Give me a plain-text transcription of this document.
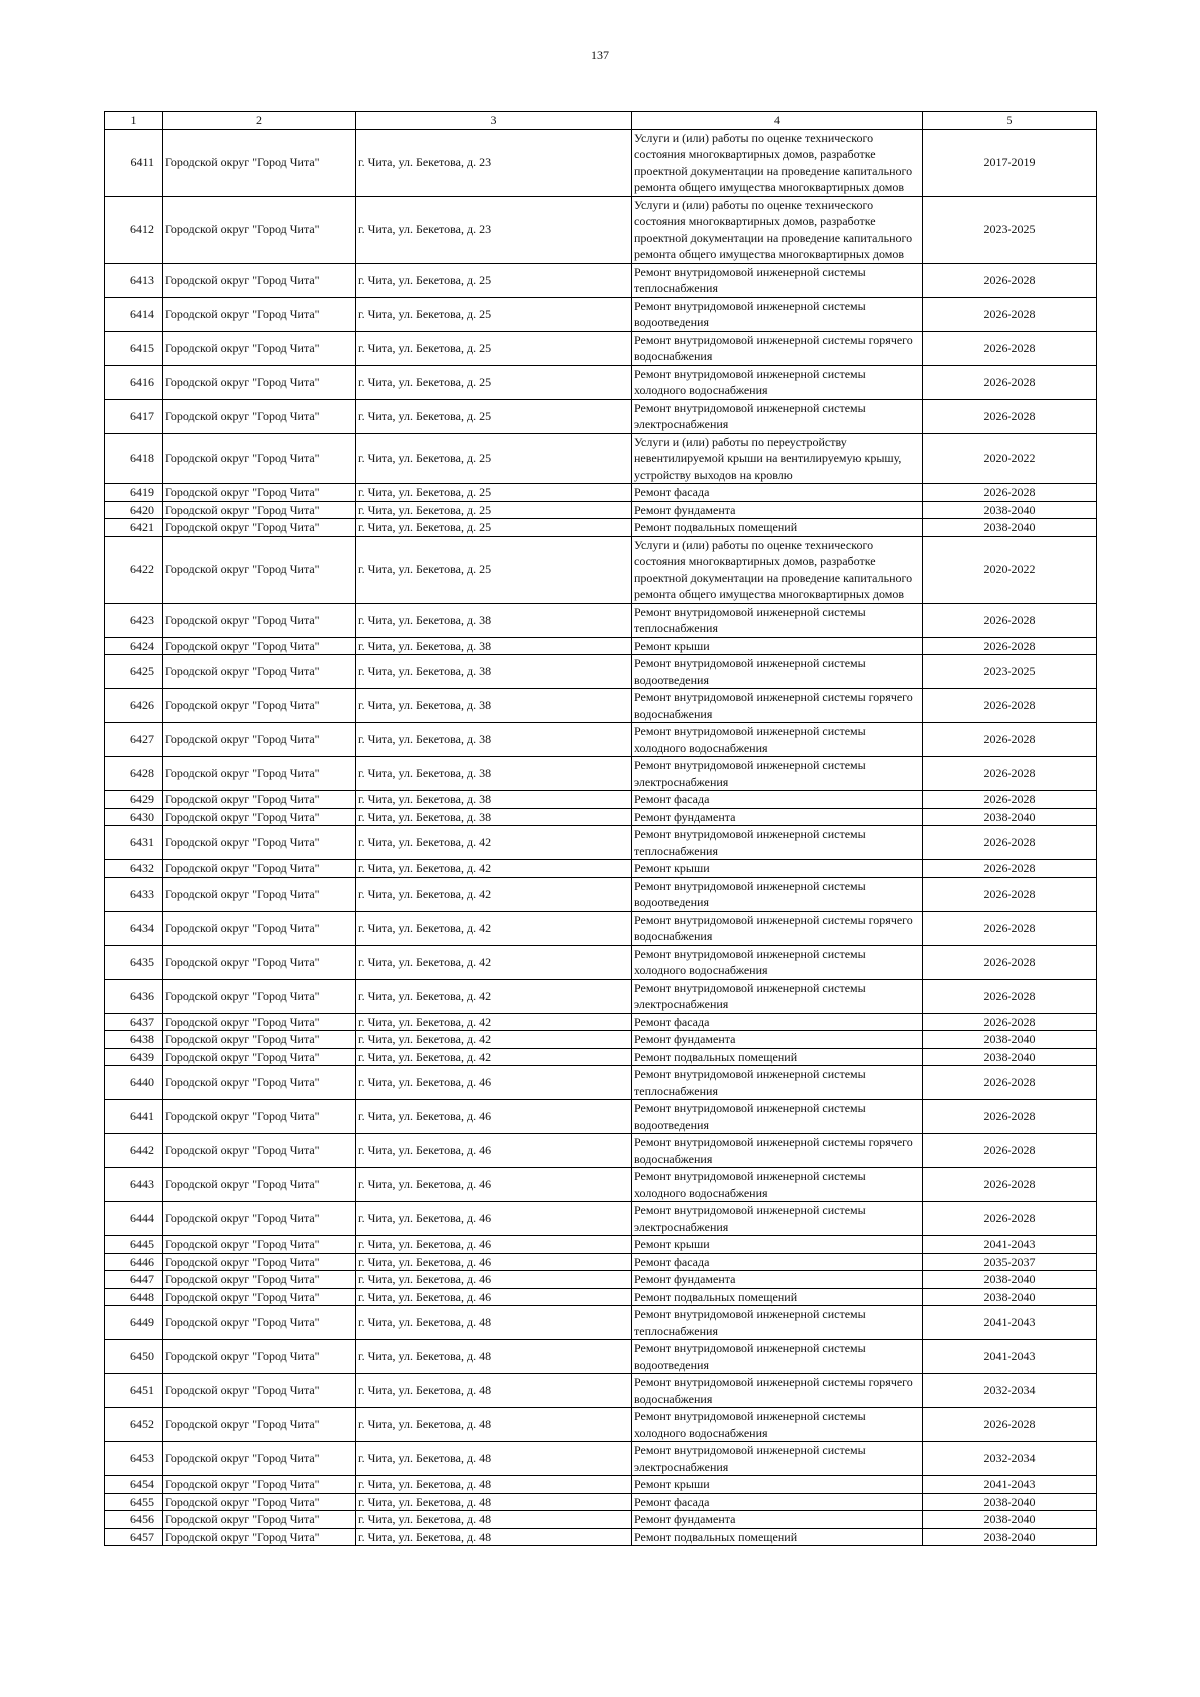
137
1	2	3	4	5
6411	Городской округ "Город Чита"	г. Чита, ул. Бекетова, д. 23	Услуги и (или) работы по оценке технического состояния многоквартирных домов, разработке проектной документации на проведение капитального ремонта общего имущества многоквартирных домов	2017-2019
6412	Городской округ "Город Чита"	г. Чита, ул. Бекетова, д. 23	Услуги и (или) работы по оценке технического состояния многоквартирных домов, разработке проектной документации на проведение капитального ремонта общего имущества многоквартирных домов	2023-2025
6413	Городской округ "Город Чита"	г. Чита, ул. Бекетова, д. 25	Ремонт внутридомовой инженерной системы теплоснабжения	2026-2028
6414	Городской округ "Город Чита"	г. Чита, ул. Бекетова, д. 25	Ремонт внутридомовой инженерной системы водоотведения	2026-2028
6415	Городской округ "Город Чита"	г. Чита, ул. Бекетова, д. 25	Ремонт внутридомовой инженерной системы горячего водоснабжения	2026-2028
6416	Городской округ "Город Чита"	г. Чита, ул. Бекетова, д. 25	Ремонт внутридомовой инженерной системы холодного водоснабжения	2026-2028
6417	Городской округ "Город Чита"	г. Чита, ул. Бекетова, д. 25	Ремонт внутридомовой инженерной системы электроснабжения	2026-2028
6418	Городской округ "Город Чита"	г. Чита, ул. Бекетова, д. 25	Услуги и (или) работы по переустройству невентилируемой крыши на вентилируемую крышу, устройству выходов на кровлю	2020-2022
6419	Городской округ "Город Чита"	г. Чита, ул. Бекетова, д. 25	Ремонт фасада	2026-2028
6420	Городской округ "Город Чита"	г. Чита, ул. Бекетова, д. 25	Ремонт фундамента	2038-2040
6421	Городской округ "Город Чита"	г. Чита, ул. Бекетова, д. 25	Ремонт подвальных помещений	2038-2040
6422	Городской округ "Город Чита"	г. Чита, ул. Бекетова, д. 25	Услуги и (или) работы по оценке технического состояния многоквартирных домов, разработке проектной документации на проведение капитального ремонта общего имущества многоквартирных домов	2020-2022
6423	Городской округ "Город Чита"	г. Чита, ул. Бекетова, д. 38	Ремонт внутридомовой инженерной системы теплоснабжения	2026-2028
6424	Городской округ "Город Чита"	г. Чита, ул. Бекетова, д. 38	Ремонт крыши	2026-2028
6425	Городской округ "Город Чита"	г. Чита, ул. Бекетова, д. 38	Ремонт внутридомовой инженерной системы водоотведения	2023-2025
6426	Городской округ "Город Чита"	г. Чита, ул. Бекетова, д. 38	Ремонт внутридомовой инженерной системы горячего водоснабжения	2026-2028
6427	Городской округ "Город Чита"	г. Чита, ул. Бекетова, д. 38	Ремонт внутридомовой инженерной системы холодного водоснабжения	2026-2028
6428	Городской округ "Город Чита"	г. Чита, ул. Бекетова, д. 38	Ремонт внутридомовой инженерной системы электроснабжения	2026-2028
6429	Городской округ "Город Чита"	г. Чита, ул. Бекетова, д. 38	Ремонт фасада	2026-2028
6430	Городской округ "Город Чита"	г. Чита, ул. Бекетова, д. 38	Ремонт фундамента	2038-2040
6431	Городской округ "Город Чита"	г. Чита, ул. Бекетова, д. 42	Ремонт внутридомовой инженерной системы теплоснабжения	2026-2028
6432	Городской округ "Город Чита"	г. Чита, ул. Бекетова, д. 42	Ремонт крыши	2026-2028
6433	Городской округ "Город Чита"	г. Чита, ул. Бекетова, д. 42	Ремонт внутридомовой инженерной системы водоотведения	2026-2028
6434	Городской округ "Город Чита"	г. Чита, ул. Бекетова, д. 42	Ремонт внутридомовой инженерной системы горячего водоснабжения	2026-2028
6435	Городской округ "Город Чита"	г. Чита, ул. Бекетова, д. 42	Ремонт внутридомовой инженерной системы холодного водоснабжения	2026-2028
6436	Городской округ "Город Чита"	г. Чита, ул. Бекетова, д. 42	Ремонт внутридомовой инженерной системы электроснабжения	2026-2028
6437	Городской округ "Город Чита"	г. Чита, ул. Бекетова, д. 42	Ремонт фасада	2026-2028
6438	Городской округ "Город Чита"	г. Чита, ул. Бекетова, д. 42	Ремонт фундамента	2038-2040
6439	Городской округ "Город Чита"	г. Чита, ул. Бекетова, д. 42	Ремонт подвальных помещений	2038-2040
6440	Городской округ "Город Чита"	г. Чита, ул. Бекетова, д. 46	Ремонт внутридомовой инженерной системы теплоснабжения	2026-2028
6441	Городской округ "Город Чита"	г. Чита, ул. Бекетова, д. 46	Ремонт внутридомовой инженерной системы водоотведения	2026-2028
6442	Городской округ "Город Чита"	г. Чита, ул. Бекетова, д. 46	Ремонт внутридомовой инженерной системы горячего водоснабжения	2026-2028
6443	Городской округ "Город Чита"	г. Чита, ул. Бекетова, д. 46	Ремонт внутридомовой инженерной системы холодного водоснабжения	2026-2028
6444	Городской округ "Город Чита"	г. Чита, ул. Бекетова, д. 46	Ремонт внутридомовой инженерной системы электроснабжения	2026-2028
6445	Городской округ "Город Чита"	г. Чита, ул. Бекетова, д. 46	Ремонт крыши	2041-2043
6446	Городской округ "Город Чита"	г. Чита, ул. Бекетова, д. 46	Ремонт фасада	2035-2037
6447	Городской округ "Город Чита"	г. Чита, ул. Бекетова, д. 46	Ремонт фундамента	2038-2040
6448	Городской округ "Город Чита"	г. Чита, ул. Бекетова, д. 46	Ремонт подвальных помещений	2038-2040
6449	Городской округ "Город Чита"	г. Чита, ул. Бекетова, д. 48	Ремонт внутридомовой инженерной системы теплоснабжения	2041-2043
6450	Городской округ "Город Чита"	г. Чита, ул. Бекетова, д. 48	Ремонт внутридомовой инженерной системы водоотведения	2041-2043
6451	Городской округ "Город Чита"	г. Чита, ул. Бекетова, д. 48	Ремонт внутридомовой инженерной системы горячего водоснабжения	2032-2034
6452	Городской округ "Город Чита"	г. Чита, ул. Бекетова, д. 48	Ремонт внутридомовой инженерной системы холодного водоснабжения	2026-2028
6453	Городской округ "Город Чита"	г. Чита, ул. Бекетова, д. 48	Ремонт внутридомовой инженерной системы электроснабжения	2032-2034
6454	Городской округ "Город Чита"	г. Чита, ул. Бекетова, д. 48	Ремонт крыши	2041-2043
6455	Городской округ "Город Чита"	г. Чита, ул. Бекетова, д. 48	Ремонт фасада	2038-2040
6456	Городской округ "Город Чита"	г. Чита, ул. Бекетова, д. 48	Ремонт фундамента	2038-2040
6457	Городской округ "Город Чита"	г. Чита, ул. Бекетова, д. 48	Ремонт подвальных помещений	2038-2040
